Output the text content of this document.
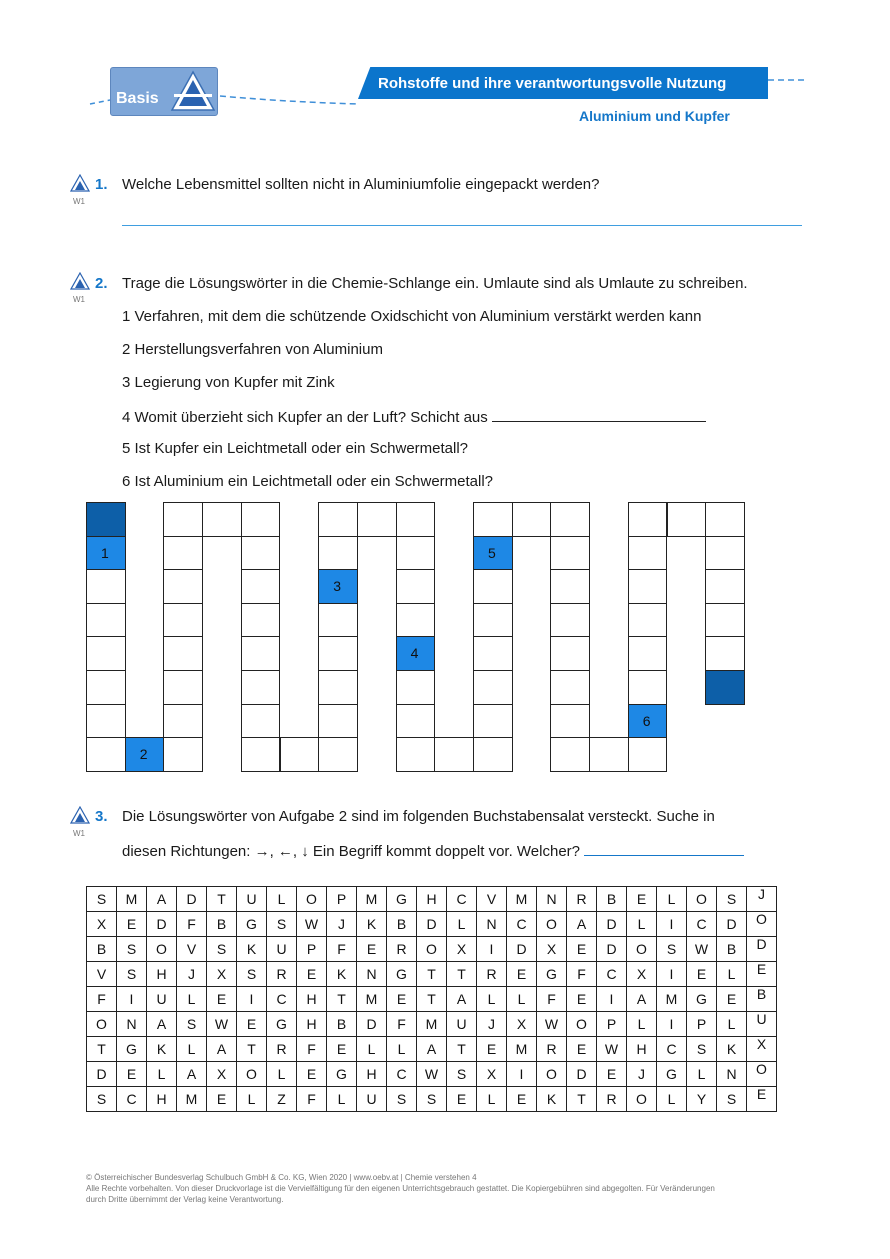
Basis
Rohstoffe und ihre verantwortungsvolle Nutzung
Aluminium und Kupfer
W1
1. Welche Lebensmittel sollten nicht in Aluminiumfolie eingepackt werden?
W1
2. Trage die Lösungswörter in die Chemie-Schlange ein. Umlaute sind als Umlaute zu schreiben.
1 Verfahren, mit dem die schützende Oxidschicht von Aluminium verstärkt werden kann
2 Herstellungsverfahren von Aluminium
3 Legierung von Kupfer mit Zink
4 Womit überzieht sich Kupfer an der Luft? Schicht aus
5 Ist Kupfer ein Leichtmetall oder ein Schwermetall?
6 Ist Aluminium ein Leichtmetall oder ein Schwermetall?
1
2
3
4
5
6
W1
3. Die Lösungswörter von Aufgabe 2 sind im folgenden Buchstabensalat versteckt. Suche in
diesen Richtungen: →, ←, ↓ Ein Begriff kommt doppelt vor. Welcher?
S	M	A	D	T	U	L	O	P	M	G	H	C	V	M	N	R	B	E	L	O	S	J
X	E	D	F	B	G	S	W	J	K	B	D	L	N	C	O	A	D	L	I	C	D	O
B	S	O	V	S	K	U	P	F	E	R	O	X	I	D	X	E	D	O	S	W	B	D
V	S	H	J	X	S	R	E	K	N	G	T	T	R	E	G	F	C	X	I	E	L	E
F	I	U	L	E	I	C	H	T	M	E	T	A	L	L	F	E	I	A	M	G	E	B
O	N	A	S	W	E	G	H	B	D	F	M	U	J	X	W	O	P	L	I	P	L	U
T	G	K	L	A	T	R	F	E	L	L	A	T	E	M	R	E	W	H	C	S	K	X
D	E	L	A	X	O	L	E	G	H	C	W	S	X	I	O	D	E	J	G	L	N	O
S	C	H	M	E	L	Z	F	L	U	S	S	E	L	E	K	T	R	O	L	Y	S	E
© Österreichischer Bundesverlag Schulbuch GmbH & Co. KG, Wien 2020 | www.oebv.at | Chemie verstehen 4
Alle Rechte vorbehalten. Von dieser Druckvorlage ist die Vervielfältigung für den eigenen Unterrichtsgebrauch gestattet. Die Kopiergebühren sind abgegolten. Für Veränderungen
durch Dritte übernimmt der Verlag keine Verantwortung.
